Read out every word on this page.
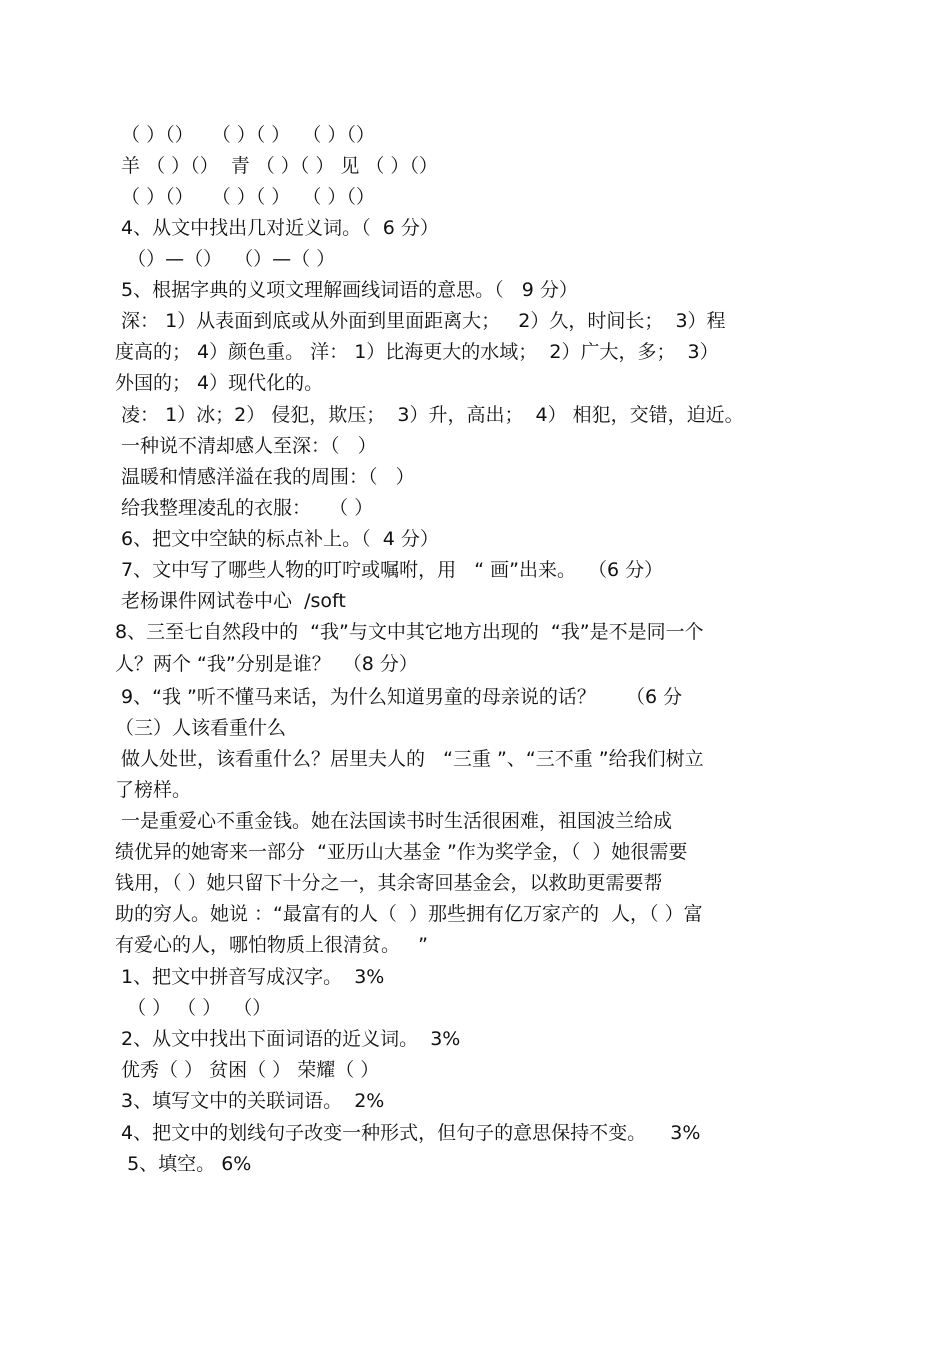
（ ）（）   （ ）（ ）  （ ）（）
羊 （ ）（）  青 （ ）（ ） 见 （ ）（）
（ ）（）   （ ）（ ）  （ ）（）
4、从文中找出几对近义词。（  6 分）
（）—（）  （）—（ ）
5、根据字典的义项文理解画线词语的意思。（   9 分）
深： 1）从表面到底或从外面到里面距离大；   2）久，时间长；  3）程
度高的； 4）颜色重。 洋： 1）比海更大的水域；  2）广大，多；  3）
外国的； 4）现代化的。
凌： 1）冰；2） 侵犯，欺压；  3）升，高出；  4） 相犯，交错，迫近。
一种说不清却感人至深：（   ）
温暖和情感洋溢在我的周围：（   ）
给我整理凌乱的衣服：   （ ）
6、把文中空缺的标点补上。（  4 分）
7、文中写了哪些人物的叮咛或嘱咐，用   “ 画”出来。  （6 分）
老杨课件网试卷中心  /soft
8、三至七自然段中的  “我”与文中其它地方出现的  “我”是不是同一个
人？两个 “我”分别是谁？  （8 分）
9、“我 ”听不懂马来话，为什么知道男童的母亲说的话？     （6 分
（三）人该看重什么
做人处世，该看重什么？居里夫人的   “三重 ”、“三不重 ”给我们树立
了榜样。
一是重爱心不重金钱。她在法国读书时生活很困难，祖国波兰给成
绩优异的她寄来一部分  “亚历山大基金 ”作为奖学金，（  ）她很需要
钱用，（ ）她只留下十分之一，其余寄回基金会，以救助更需要帮
助的穷人。她说 ：“最富有的人（  ）那些拥有亿万家产的  人，（ ）富
有爱心的人，哪怕物质上很清贫。   ”
1、把文中拼音写成汉字。  3%
（ ） （ ）  （）
2、从文中找出下面词语的近义词。  3%
优秀（ ） 贫困（ ） 荣耀（ ）
3、填写文中的关联词语。  2%
4、把文中的划线句子改变一种形式，但句子的意思保持不变。    3%
5、填空。 6%
